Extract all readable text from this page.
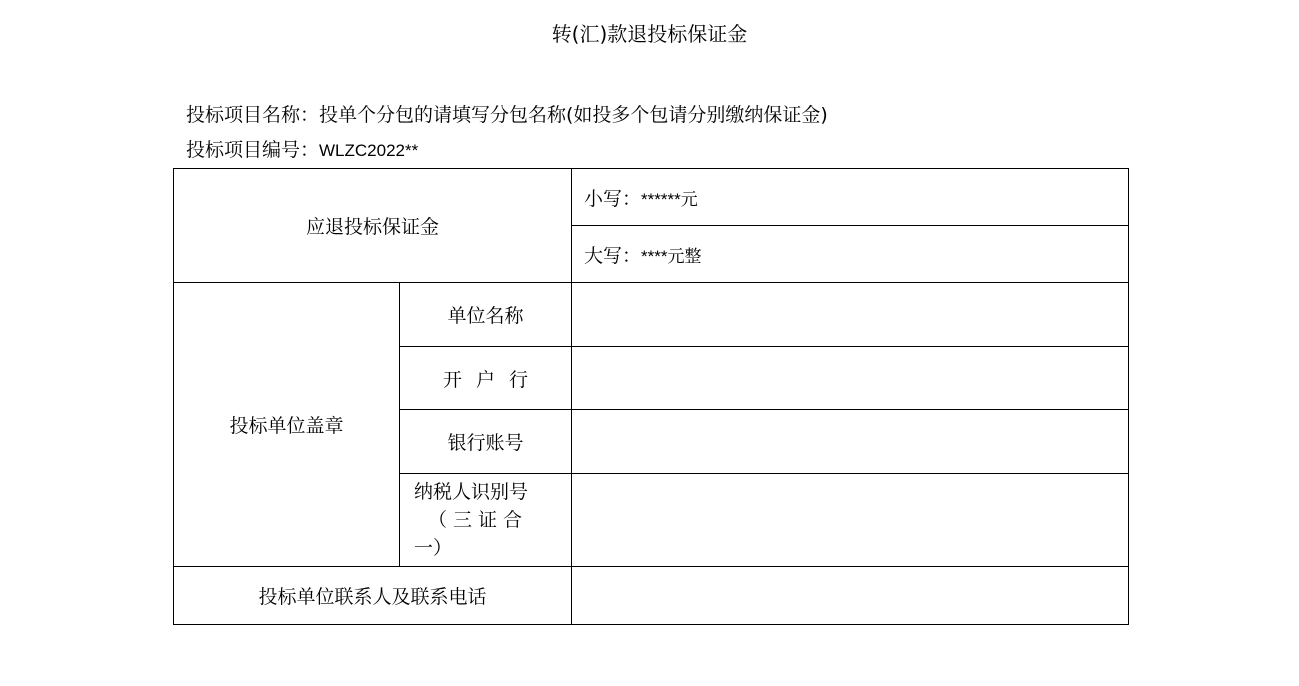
转(汇)款退投标保证金
投标项目名称：投单个分包的请填写分包名称(如投多个包请分别缴纳保证金)
投标项目编号：WLZC2022**
应退投标保证金		小写：******元
		大写：****元整
投标单位盖章	单位名称	
	开户行	
	银行账号	

	纳税人识别号
（三证合
一）	

投标单位联系人及联系电话		
